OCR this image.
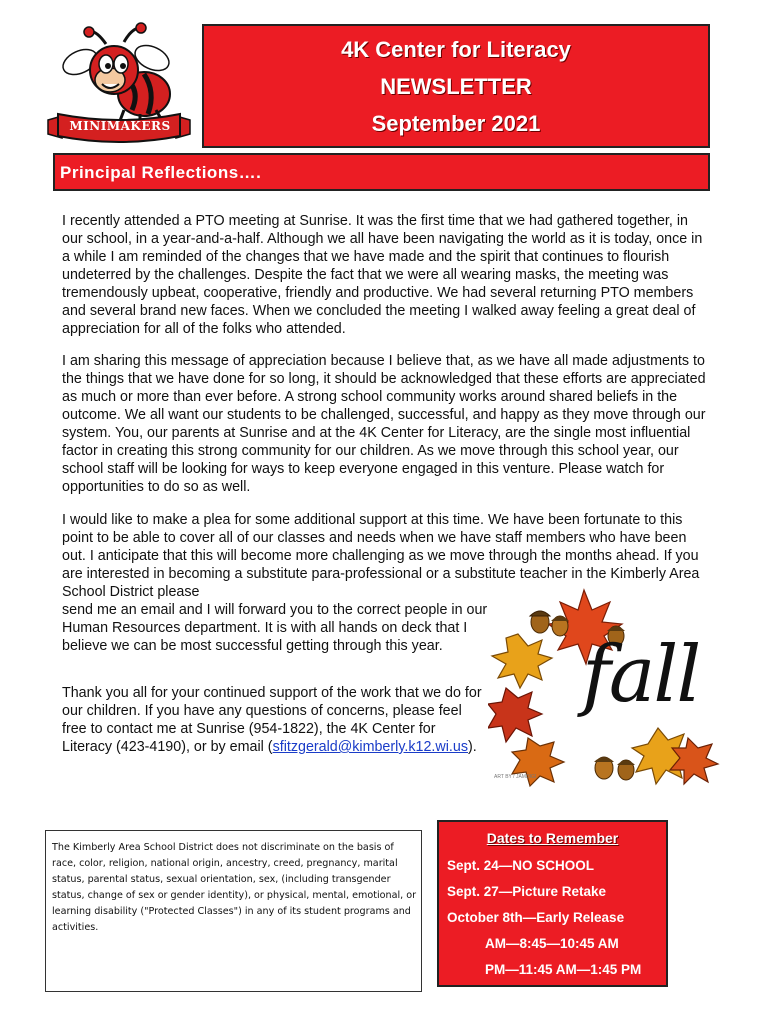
MINIMAKERS
4K Center for Literacy
NEWSLETTER
September 2021
Principal Reflections….

I recently attended a PTO meeting at Sunrise. It was the first time that we had gathered together, in our school, in a year-and-a-half. Although we all have been navigating the world as it is today, once in a while I am reminded of the changes that we have made and the spirit that continues to flourish undeterred by the challenges. Despite the fact that we were all wearing masks, the meeting was tremendously upbeat, cooperative, friendly and productive. We had several returning PTO members and several brand new faces. When we concluded the meeting I walked away feeling a great deal of appreciation for all of the folks who attended.

I am sharing this message of appreciation because I believe that, as we have all made adjustments to the things that we have done for so long, it should be acknowledged that these efforts are appreciated as much or more than ever before. A strong school community works around shared beliefs in the outcome. We all want our students to be challenged, successful, and happy as they move through our system. You, our parents at Sunrise and at the 4K Center for Literacy, are the single most influential factor in creating this strong community for our children. As we move through this school year, our school staff will be looking for ways to keep everyone engaged in this venture. Please watch for opportunities to do so as well.

I would like to make a plea for some additional support at this time. We have been fortunate to this point to be able to cover all of our classes and needs when we have staff members who have been out. I anticipate that this will become more challenging as we move through the months ahead. If you are interested in becoming a substitute para-professional or a substitute teacher in the Kimberly Area School District please
send me an email and I will forward you to the correct people in our Human Resources department. It is with all hands on deck that I believe we can be most successful getting through this year.

Thank you all for your continued support of the work that we do for our children. If you have any questions of concerns, please feel free to contact me at Sunrise (954-1822), the 4K Center for Literacy (423-4190), or by email (sfitzgerald@kimberly.k12.wi.us).

fall
ART BY / JAMDIGI
The Kimberly Area School District does not discriminate on the basis of race, color, religion, national origin, ancestry, creed, pregnancy, marital status, parental status, sexual orientation, sex, (including transgender status, change of sex or gender identity), or physical, mental, emotional, or learning disability ("Protected Classes") in any of its student programs and activities.
Dates to Remember
Sept. 24—NO SCHOOL
Sept. 27—Picture Retake
October 8th—Early Release
AM—8:45—10:45 AM
PM—11:45 AM—1:45 PM
